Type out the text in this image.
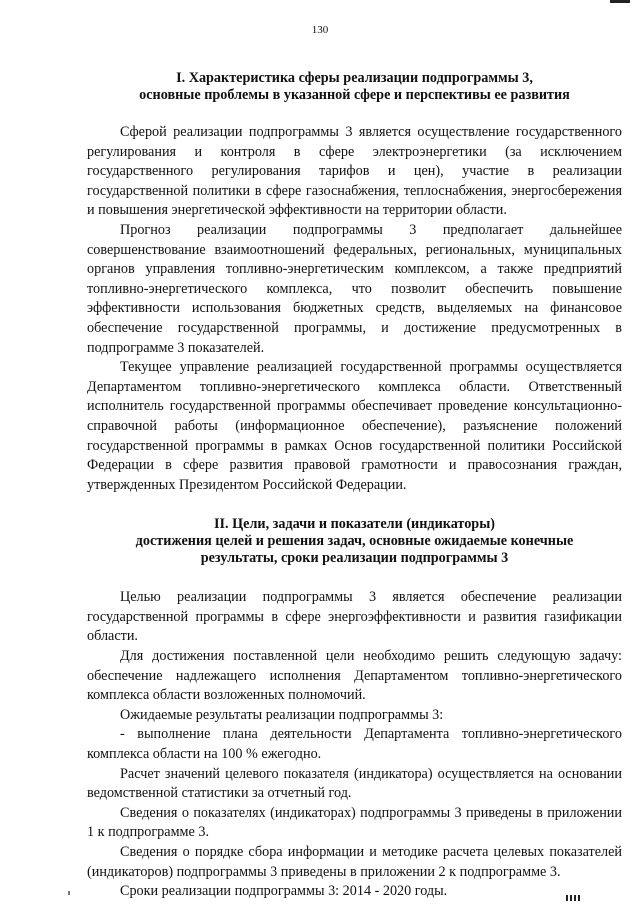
130
I. Характеристика сферы реализации подпрограммы 3,
основные проблемы в указанной сфере и перспективы ее развития

Сферой реализации подпрограммы 3 является осуществление государственного регулирования и контроля в сфере электроэнергетики (за исключением государственного регулирования тарифов и цен), участие в реализации государственной политики в сфере газоснабжения, теплоснабжения, энергосбережения и повышения энергетической эффективности на территории области.

Прогноз реализации подпрограммы 3 предполагает дальнейшее совершенствование взаимоотношений федеральных, региональных, муниципальных органов управления топливно-энергетическим комплексом, а также предприятий топливно-энергетического комплекса, что позволит обеспечить повышение эффективности использования бюджетных средств, выделяемых на финансовое обеспечение государственной программы, и достижение предусмотренных в подпрограмме 3 показателей.

Текущее управление реализацией государственной программы осуществляется Департаментом топливно-энергетического комплекса области. Ответственный исполнитель государственной программы обеспечивает проведение консультационно-справочной работы (информационное обеспечение), разъяснение положений государственной программы в рамках Основ государственной политики Российской Федерации в сфере развития правовой грамотности и правосознания граждан, утвержденных Президентом Российской Федерации.

II. Цели, задачи и показатели (индикаторы)
достижения целей и решения задач, основные ожидаемые конечные
результаты, сроки реализации подпрограммы 3

Целью реализации подпрограммы 3 является обеспечение реализации государственной программы в сфере энергоэффективности и развития газификации области.

Для достижения поставленной цели необходимо решить следующую задачу: обеспечение надлежащего исполнения Департаментом топливно-энергетического комплекса области возложенных полномочий.

Ожидаемые результаты реализации подпрограммы 3:

- выполнение плана деятельности Департамента топливно-энергетического комплекса области на 100 % ежегодно.

Расчет значений целевого показателя (индикатора) осуществляется на основании ведомственной статистики за отчетный год.

Сведения о показателях (индикаторах) подпрограммы 3 приведены в приложении 1 к подпрограмме 3.

Сведения о порядке сбора информации и методике расчета целевых показателей (индикаторов) подпрограммы 3 приведены в приложении 2 к подпрограмме 3.

Сроки реализации подпрограммы 3: 2014 - 2020 годы.
